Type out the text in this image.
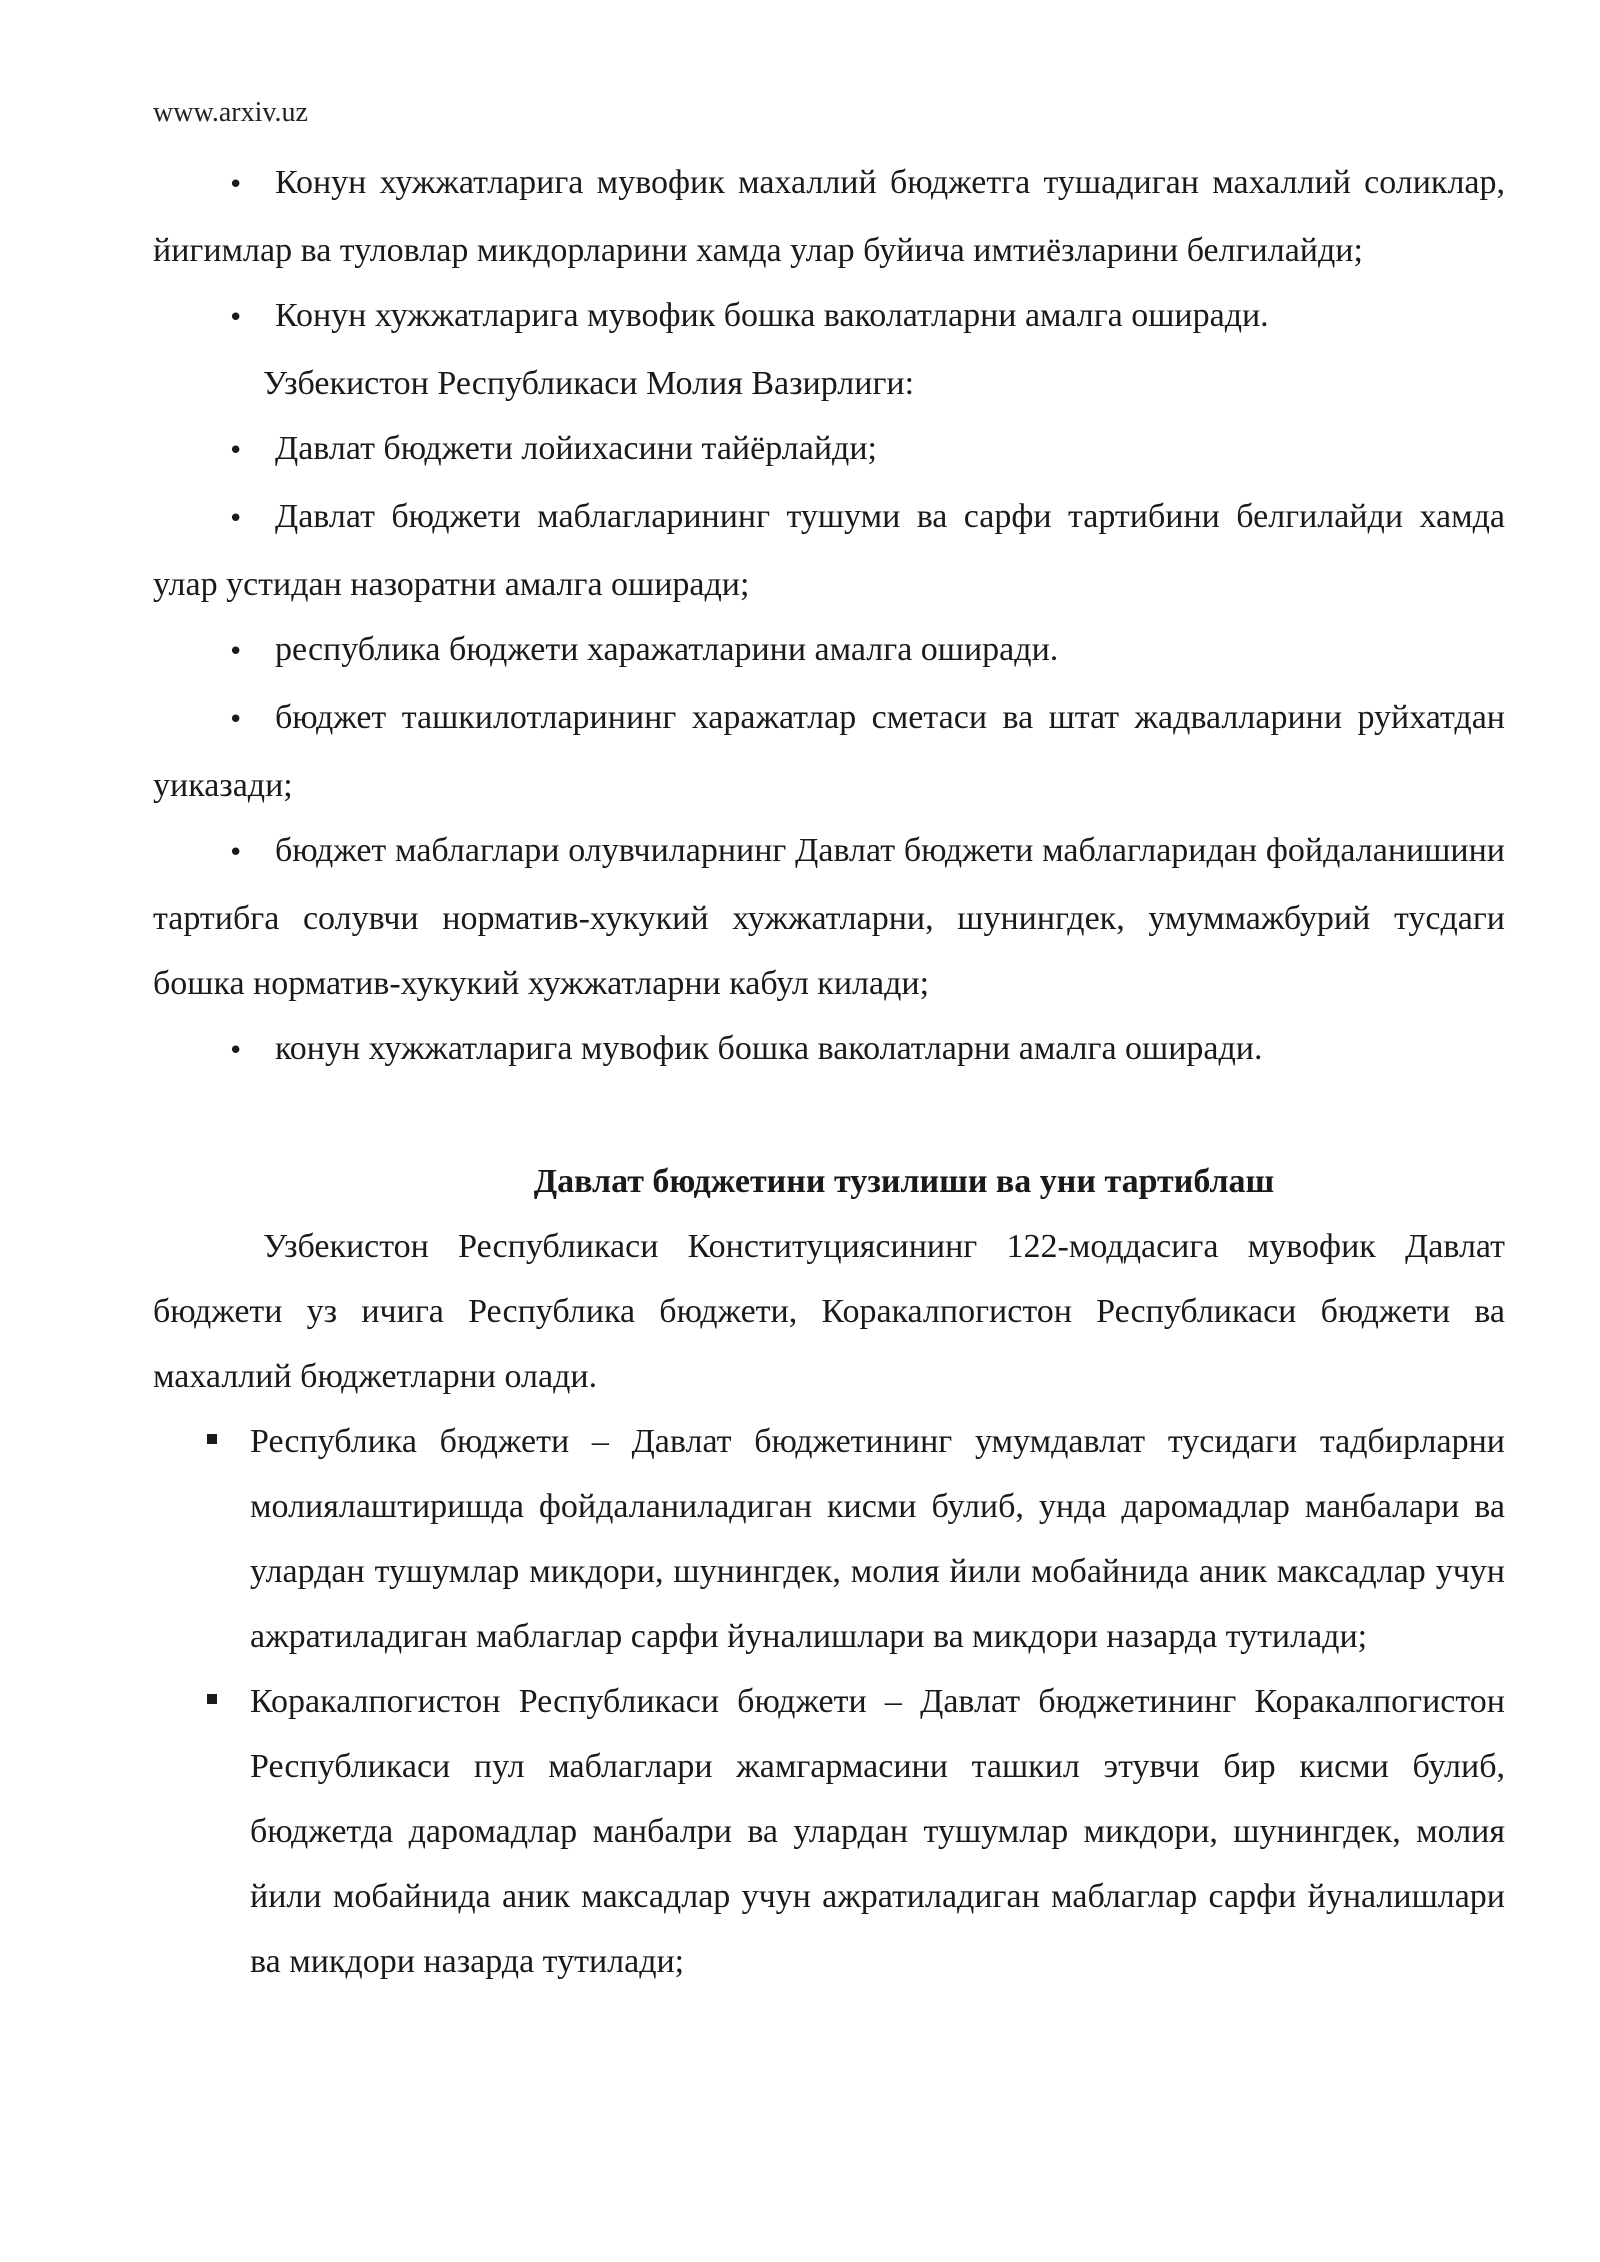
www.arxiv.uz

• Конун хужжатларига мувофик махаллий бюджетга тушадиган махаллий соликлар, йигимлар ва туловлар микдорларини хамда улар буйича имтиёзларини белгилайди;

• Конун хужжатларига мувофик бошка ваколатларни амалга оширади.

Узбекистон Республикаси Молия Вазирлиги:

• Давлат бюджети лойихасини тайёрлайди;

• Давлат бюджети маблагларининг тушуми ва сарфи тартибини белгилайди хамда улар устидан назоратни амалга оширади;

• республика бюджети харажатларини амалга оширади.

• бюджет ташкилотларининг харажатлар сметаси ва штат жадвалларини руйхатдан уиказади;

• бюджет маблаглари олувчиларнинг Давлат бюджети маблагларидан фойдаланишини тартибга солувчи норматив-хукукий хужжатларни, шунингдек, умуммажбурий тусдаги бошка норматив-хукукий хужжатларни кабул килади;

• конун хужжатларига мувофик бошка ваколатларни амалга оширади.

Давлат бюджетини тузилиши ва уни тартиблаш

Узбекистон Республикаси Конституциясининг 122-моддасига мувофик Давлат бюджети уз ичига Республика бюджети, Коракалпогистон Республикаси бюджети ва махаллий бюджетларни олади.

Республика бюджети – Давлат бюджетининг умумдавлат тусидаги тадбирларни молиялаштиришда фойдаланиладиган кисми булиб, унда даромадлар манбалари ва улардан тушумлар микдори, шунингдек, молия йили мобайнида аник максадлар учун ажратиладиган маблаглар сарфи йуналишлари ва микдори назарда тутилади;

Коракалпогистон Республикаси бюджети – Давлат бюджетининг Коракалпогистон Республикаси пул маблаглари жамгармасини ташкил этувчи бир кисми булиб, бюджетда даромадлар манбалри ва улардан тушумлар микдори, шунингдек, молия йили мобайнида аник максадлар учун ажратиладиган маблаглар сарфи йуналишлари ва микдори назарда тутилади;
